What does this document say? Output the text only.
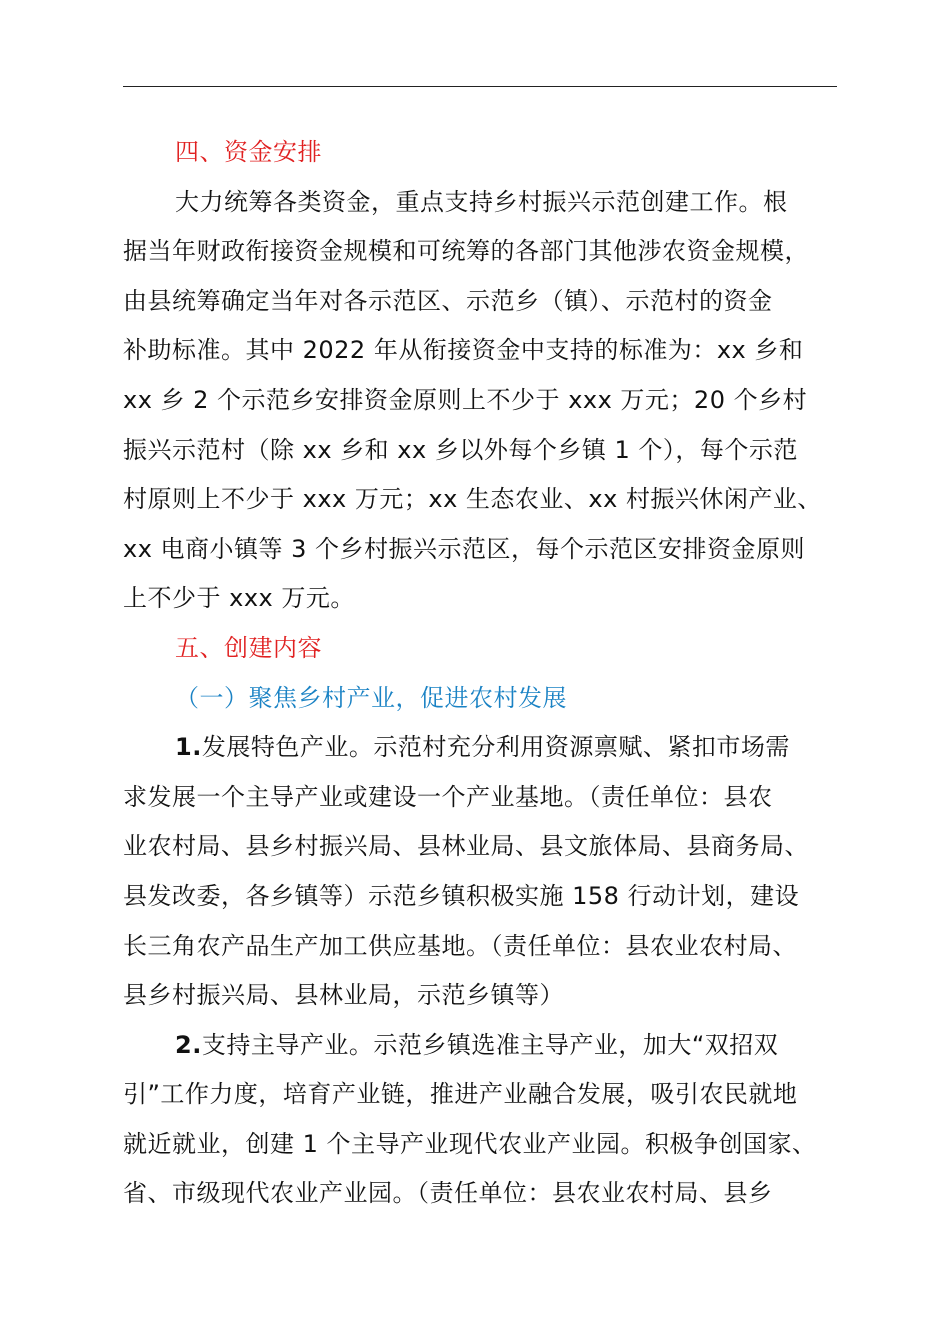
四、资金安排
大力统筹各类资金，重点支持乡村振兴示范创建工作。根
据当年财政衔接资金规模和可统筹的各部门其他涉农资金规模，
由县统筹确定当年对各示范区、示范乡（镇）、示范村的资金
补助标准。其中 2022 年从衔接资金中支持的标准为：xx 乡和
xx 乡 2 个示范乡安排资金原则上不少于 xxx 万元；20 个乡村
振兴示范村（除 xx 乡和 xx 乡以外每个乡镇 1 个），每个示范
村原则上不少于 xxx 万元；xx 生态农业、xx 村振兴休闲产业、
xx 电商小镇等 3 个乡村振兴示范区，每个示范区安排资金原则
上不少于 xxx 万元。
五、创建内容
（一）聚焦乡村产业，促进农村发展
1.发展特色产业。示范村充分利用资源禀赋、紧扣市场需
求发展一个主导产业或建设一个产业基地。（责任单位：县农
业农村局、县乡村振兴局、县林业局、县文旅体局、县商务局、
县发改委，各乡镇等）示范乡镇积极实施 158 行动计划，建设
长三角农产品生产加工供应基地。（责任单位：县农业农村局、
县乡村振兴局、县林业局，示范乡镇等）
2.支持主导产业。示范乡镇选准主导产业，加大“双招双
引”工作力度，培育产业链，推进产业融合发展，吸引农民就地
就近就业，创建 1 个主导产业现代农业产业园。积极争创国家、
省、市级现代农业产业园。（责任单位：县农业农村局、县乡
